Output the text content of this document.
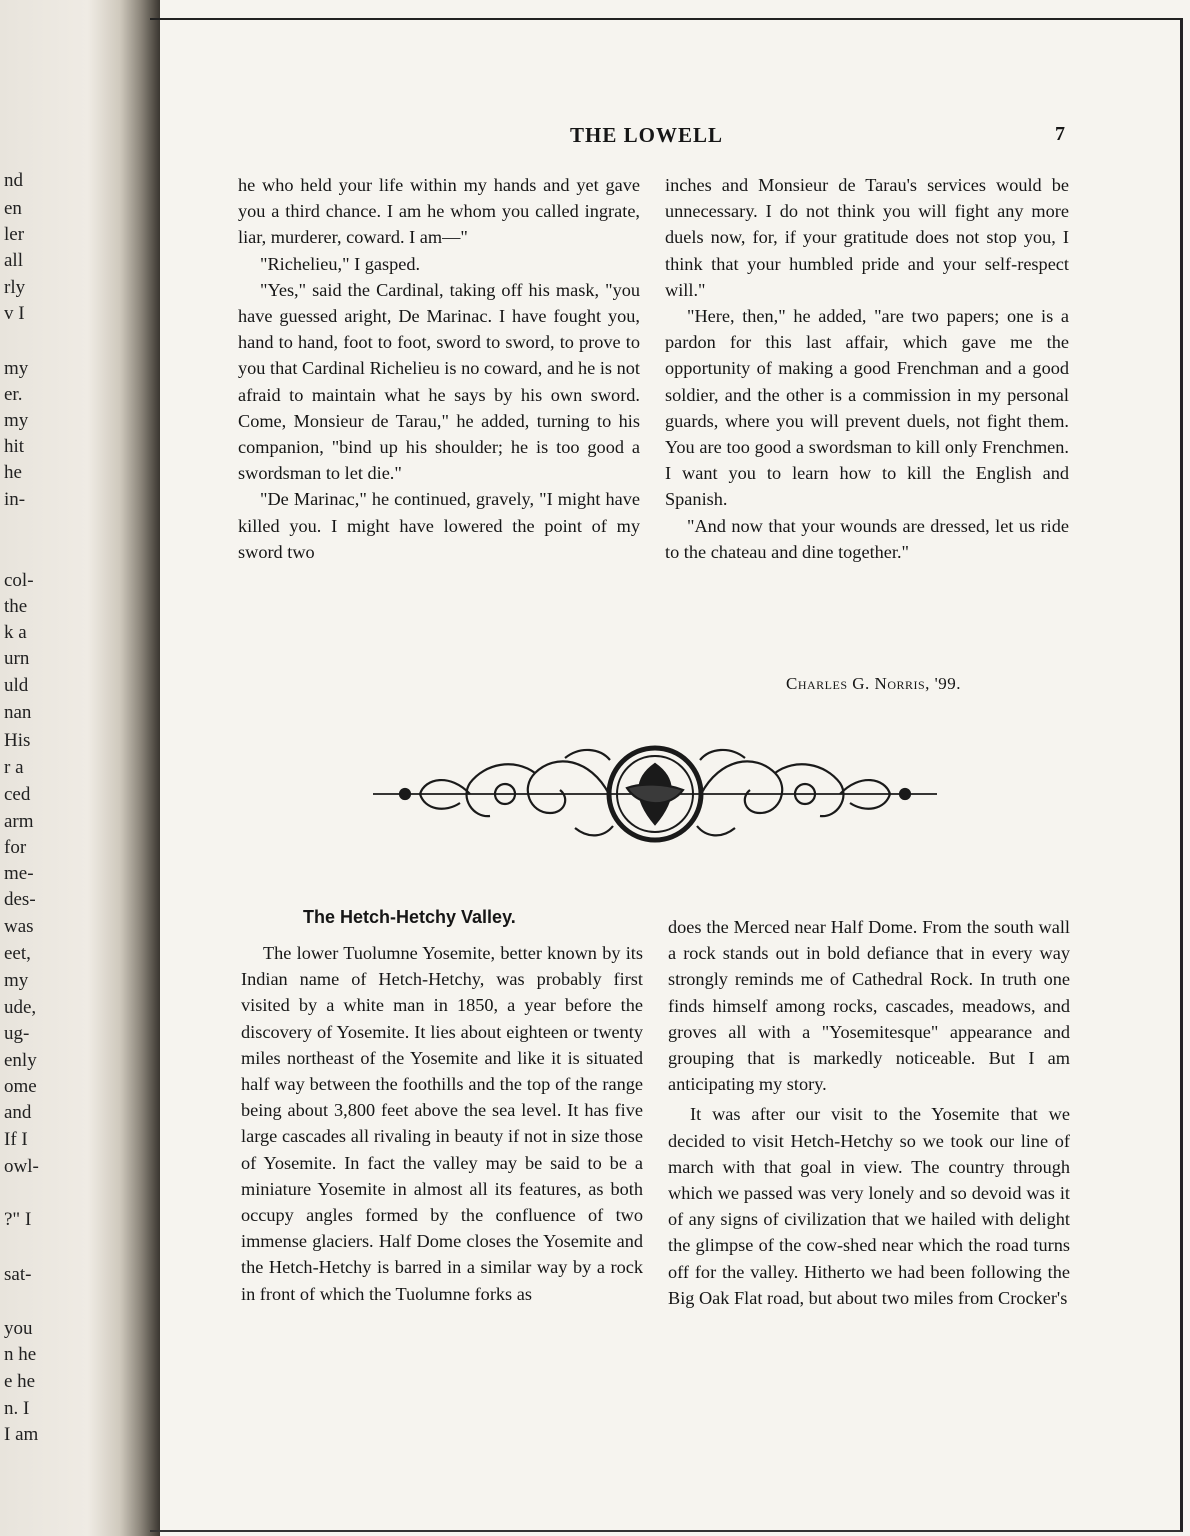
nd
en
ler
all
rly
v I
my
er.
my
hit
he
in-
col-
the
k a
urn
uld
nan
His
r a
ced
arm
for
me-
des-
was
eet,
my
ude,
ug-
enly
ome
and
If I
owl-
?" I
sat-
you
n he
e he
n. I
I am
THE LOWELL	7

he who held your life within my hands and yet gave you a third chance. I am he whom you called ingrate, liar, murderer, coward. I am—"

"Richelieu," I gasped.

"Yes," said the Cardinal, taking off his mask, "you have guessed aright, De Marinac. I have fought you, hand to hand, foot to foot, sword to sword, to prove to you that Cardinal Richelieu is no coward, and he is not afraid to maintain what he says by his own sword. Come, Monsieur de Tarau," he added, turning to his companion, "bind up his shoulder; he is too good a swordsman to let die."

"De Marinac," he continued, gravely, "I might have killed you. I might have lowered the point of my sword two

inches and Monsieur de Tarau's services would be unnecessary. I do not think you will fight any more duels now, for, if your gratitude does not stop you, I think that your humbled pride and your self-respect will."

"Here, then," he added, "are two papers; one is a pardon for this last affair, which gave me the opportunity of making a good Frenchman and a good soldier, and the other is a commission in my personal guards, where you will prevent duels, not fight them. You are too good a swordsman to kill only Frenchmen. I want you to learn how to kill the English and Spanish.

"And now that your wounds are dressed, let us ride to the chateau and dine together."

Charles G. Norris, '99.
The Hetch-Hetchy Valley.

The lower Tuolumne Yosemite, better known by its Indian name of Hetch-Hetchy, was probably first visited by a white man in 1850, a year before the discovery of Yosemite. It lies about eighteen or twenty miles northeast of the Yosemite and like it is situated half way between the foothills and the top of the range being about 3,800 feet above the sea level. It has five large cascades all rivaling in beauty if not in size those of Yosemite. In fact the valley may be said to be a miniature Yosemite in almost all its features, as both occupy angles formed by the confluence of two immense glaciers. Half Dome closes the Yosemite and the Hetch-Hetchy is barred in a similar way by a rock in front of which the Tuolumne forks as

does the Merced near Half Dome. From the south wall a rock stands out in bold defiance that in every way strongly reminds me of Cathedral Rock. In truth one finds himself among rocks, cascades, meadows, and groves all with a "Yosemitesque" appearance and grouping that is markedly noticeable. But I am anticipating my story.

It was after our visit to the Yosemite that we decided to visit Hetch-Hetchy so we took our line of march with that goal in view. The country through which we passed was very lonely and so devoid was it of any signs of civilization that we hailed with delight the glimpse of the cow-shed near which the road turns off for the valley. Hitherto we had been following the Big Oak Flat road, but about two miles from Crocker's
